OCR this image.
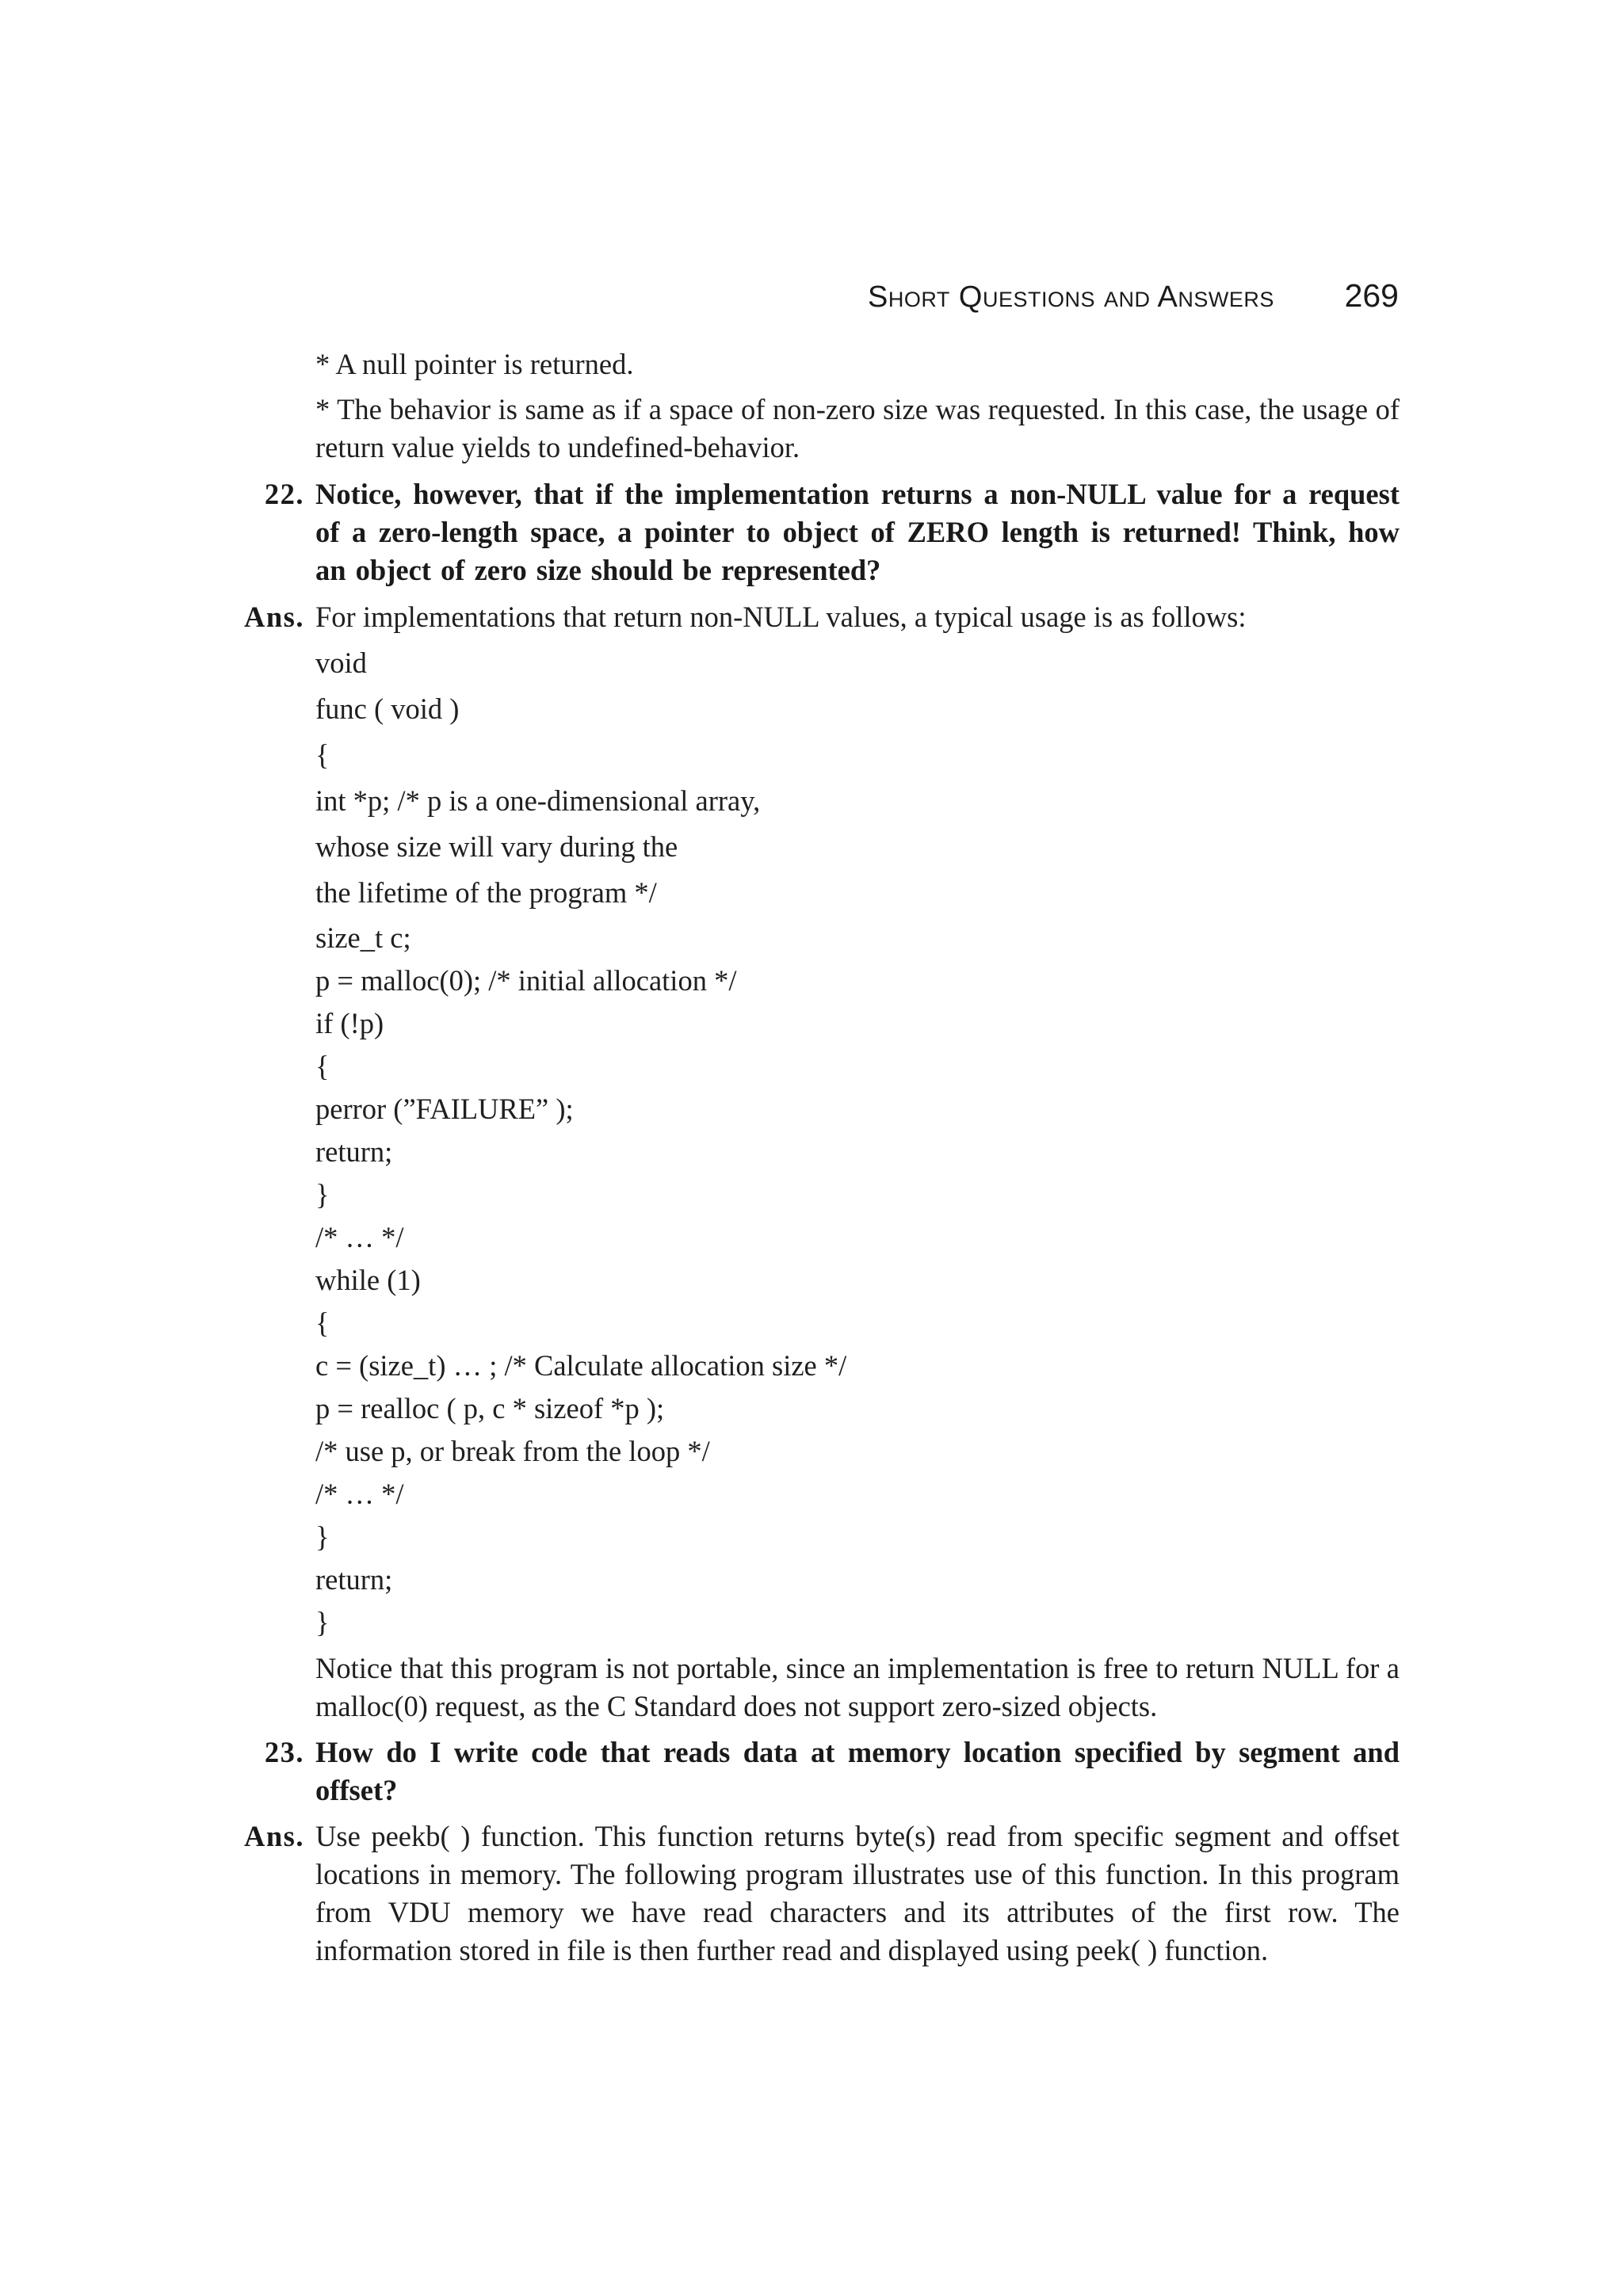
Short Questions and Answers 269
* A null pointer is returned.
* The behavior is same as if a space of non-zero size was requested. In this case, the usage of return value yields to undefined-behavior.
22. Notice, however, that if the implementation returns a non-NULL value for a request of a zero-length space, a pointer to object of ZERO length is returned! Think, how an object of zero size should be represented?
Ans. For implementations that return non-NULL values, a typical usage is as follows:
void
func ( void )
{
int *p; /* p is a one-dimensional array,
whose size will vary during the
the lifetime of the program */
size_t c;
p = malloc(0); /* initial allocation */
if (!p)
{
perror (”FAILURE” );
return;
}
/* … */
while (1)
{
c = (size_t) … ; /* Calculate allocation size */
p = realloc ( p, c * sizeof *p );
/* use p, or break from the loop */
/* … */
}
return;
}
Notice that this program is not portable, since an implementation is free to return NULL for a malloc(0) request, as the C Standard does not support zero-sized objects.
23. How do I write code that reads data at memory location specified by segment and offset?
Ans. Use peekb( ) function. This function returns byte(s) read from specific segment and offset locations in memory. The following program illustrates use of this function. In this program from VDU memory we have read characters and its attributes of the first row. The information stored in file is then further read and displayed using peek( ) function.
